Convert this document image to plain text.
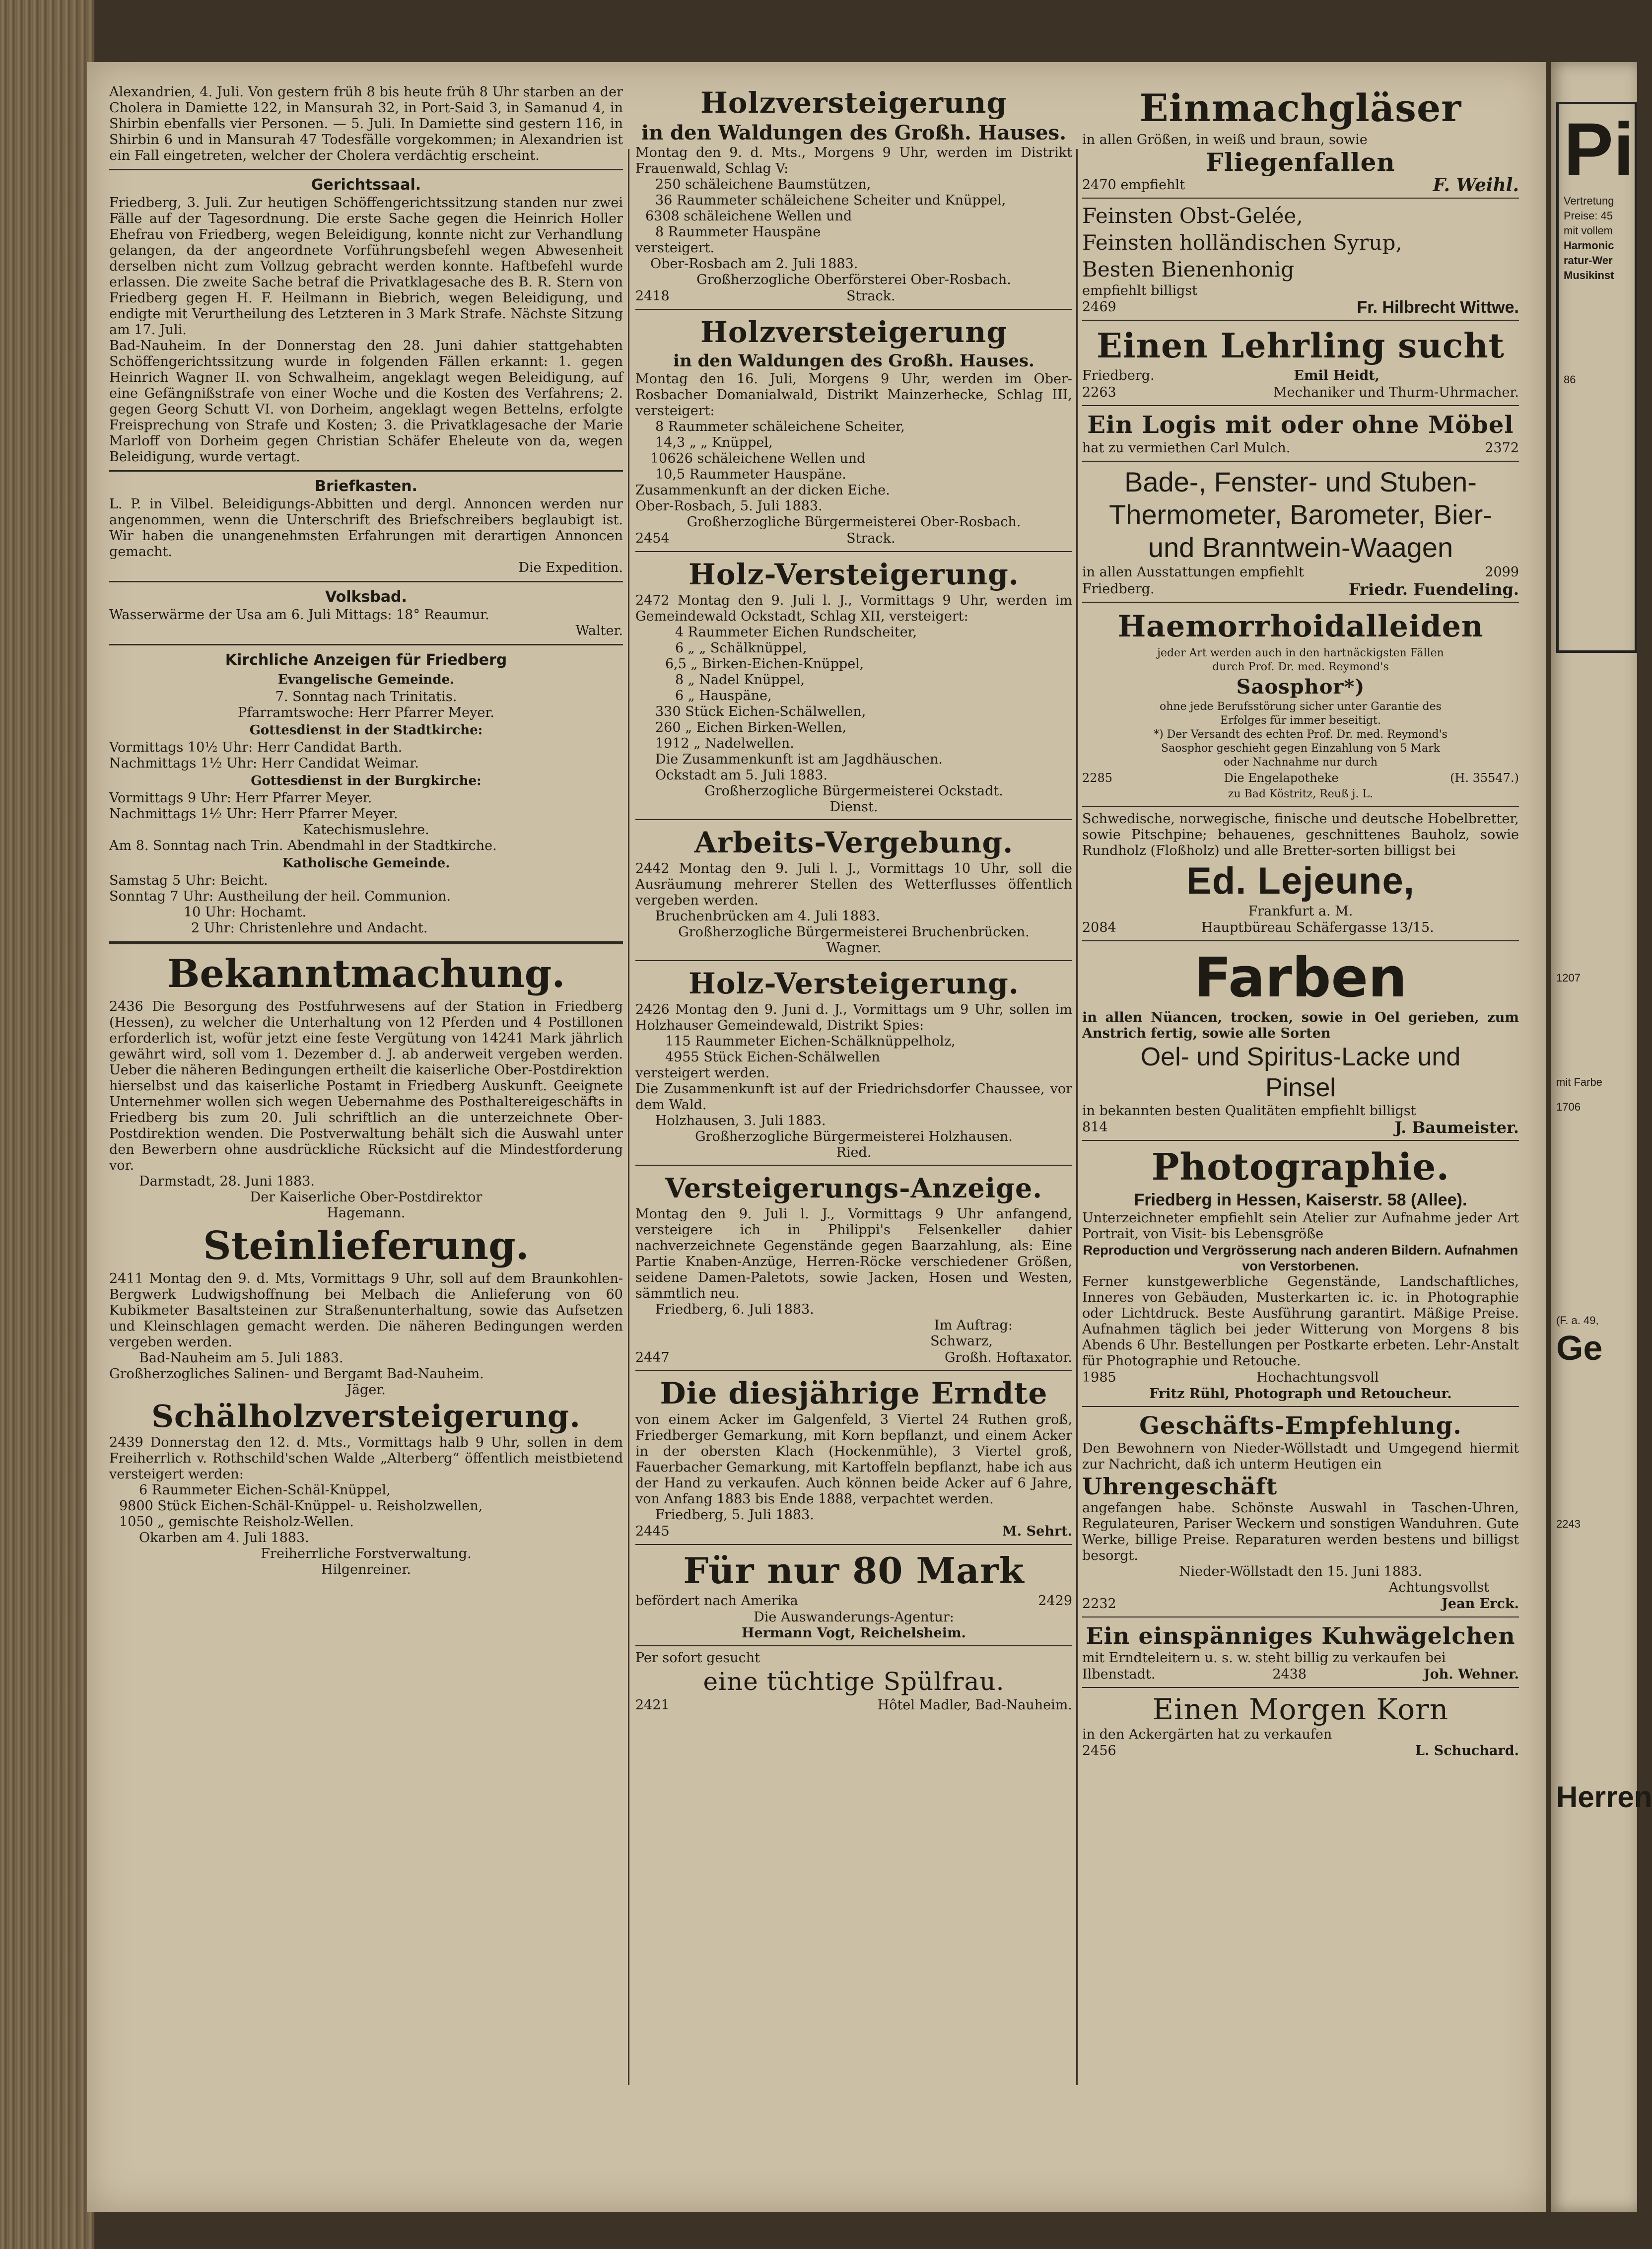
Pi
Vertretung
Preise: 45
mit vollem
Harmonic
ratur-Wer
Musikinst
86
1207
mit Farbe
1706
(F. a. 49,
Ge
2243
Herren

Alexandrien, 4. Juli. Von gestern früh 8 bis heute früh 8 Uhr starben an der Cholera in Damiette 122, in Mansurah 32, in Port-Said 3, in Samanud 4, in Shirbin ebenfalls vier Personen. — 5. Juli. In Damiette sind gestern 116, in Shirbin 6 und in Mansurah 47 Todesfälle vorgekommen; in Alexandrien ist ein Fall eingetreten, welcher der Cholera verdächtig erscheint.

Gerichtssaal.

Friedberg, 3. Juli. Zur heutigen Schöffengerichtssitzung standen nur zwei Fälle auf der Tagesordnung. Die erste Sache gegen die Heinrich Holler Ehefrau von Friedberg, wegen Beleidigung, konnte nicht zur Verhandlung gelangen, da der angeordnete Vorführungsbefehl wegen Abwesenheit derselben nicht zum Vollzug gebracht werden konnte. Haftbefehl wurde erlassen. Die zweite Sache betraf die Privatklagesache des B. R. Stern von Friedberg gegen H. F. Heilmann in Biebrich, wegen Beleidigung, und endigte mit Verurtheilung des Letzteren in 3 Mark Strafe. Nächste Sitzung am 17. Juli.

Bad-Nauheim. In der Donnerstag den 28. Juni dahier stattgehabten Schöffengerichtssitzung wurde in folgenden Fällen erkannt: 1. gegen Heinrich Wagner II. von Schwalheim, angeklagt wegen Beleidigung, auf eine Gefängnißstrafe von einer Woche und die Kosten des Verfahrens; 2. gegen Georg Schutt VI. von Dorheim, angeklagt wegen Bettelns, erfolgte Freisprechung von Strafe und Kosten; 3. die Privatklagesache der Marie Marloff von Dorheim gegen Christian Schäfer Eheleute von da, wegen Beleidigung, wurde vertagt.

Briefkasten.

L. P. in Vilbel. Beleidigungs-Abbitten und dergl. Annoncen werden nur angenommen, wenn die Unterschrift des Briefschreibers beglaubigt ist. Wir haben die unangenehmsten Erfahrungen mit derartigen Annoncen gemacht.

Die Expedition.

Volksbad.

Wasserwärme der Usa am 6. Juli Mittags: 18° Reaumur.

Walter.

Kirchliche Anzeigen für Friedberg
Evangelische Gemeinde.

7. Sonntag nach Trinitatis.

Pfarramtswoche: Herr Pfarrer Meyer.

Gottesdienst in der Stadtkirche:

Vormittags 10½ Uhr: Herr Candidat Barth.

Nachmittags 1½ Uhr: Herr Candidat Weimar.

Gottesdienst in der Burgkirche:

Vormittags 9 Uhr: Herr Pfarrer Meyer.

Nachmittags 1½ Uhr: Herr Pfarrer Meyer.

Katechismuslehre.

Am 8. Sonntag nach Trin. Abendmahl in der Stadtkirche.

Katholische Gemeinde.

Samstag 5 Uhr: Beicht.

Sonntag 7 Uhr: Austheilung der heil. Communion.

10 Uhr: Hochamt.

2 Uhr: Christenlehre und Andacht.

Bekanntmachung.

2436 Die Besorgung des Postfuhrwesens auf der Station in Friedberg (Hessen), zu welcher die Unterhaltung von 12 Pferden und 4 Postillonen erforderlich ist, wofür jetzt eine feste Vergütung von 14241 Mark jährlich gewährt wird, soll vom 1. Dezember d. J. ab anderweit vergeben werden. Ueber die näheren Bedingungen ertheilt die kaiserliche Ober-Postdirektion hierselbst und das kaiserliche Postamt in Friedberg Auskunft. Geeignete Unternehmer wollen sich wegen Uebernahme des Posthaltereigeschäfts in Friedberg bis zum 20. Juli schriftlich an die unterzeichnete Ober-Postdirektion wenden. Die Postverwaltung behält sich die Auswahl unter den Bewerbern ohne ausdrückliche Rücksicht auf die Mindestforderung vor.

Darmstadt, 28. Juni 1883.

Der Kaiserliche Ober-Postdirektor

Hagemann.

Steinlieferung.

2411 Montag den 9. d. Mts, Vormittags 9 Uhr, soll auf dem Braunkohlen-Bergwerk Ludwigshoffnung bei Melbach die Anlieferung von 60 Kubikmeter Basaltsteinen zur Straßenunterhaltung, sowie das Aufsetzen und Kleinschlagen gemacht werden. Die näheren Bedingungen werden vergeben werden.

Bad-Nauheim am 5. Juli 1883.

Großherzogliches Salinen- und Bergamt Bad-Nauheim.

Jäger.

Schälholzversteigerung.

2439 Donnerstag den 12. d. Mts., Vormittags halb 9 Uhr, sollen in dem Freiherrlich v. Rothschild'schen Walde „Alterberg“ öffentlich meistbietend versteigert werden:

6 Raummeter Eichen-Schäl-Knüppel,

9800 Stück Eichen-Schäl-Knüppel- u. Reisholzwellen,

1050 „ gemischte Reisholz-Wellen.

Okarben am 4. Juli 1883.

Freiherrliche Forstverwaltung.

Hilgenreiner.

Holzversteigerung
in den Waldungen des Großh. Hauses.

Montag den 9. d. Mts., Morgens 9 Uhr, werden im Distrikt Frauenwald, Schlag V:

250 schäleichene Baumstützen,

36 Raummeter schäleichene Scheiter und Knüppel,

6308 schäleichene Wellen und

8 Raummeter Hauspäne

versteigert.

Ober-Rosbach am 2. Juli 1883.

Großherzogliche Oberförsterei Ober-Rosbach.

2418	Strack.
Holzversteigerung
in den Waldungen des Großh. Hauses.

Montag den 16. Juli, Morgens 9 Uhr, werden im Ober-Rosbacher Domanialwald, Distrikt Mainzerhecke, Schlag III, versteigert:

8 Raummeter schäleichene Scheiter,

14,3 „ „ Knüppel,

10626 schäleichene Wellen und

10,5 Raummeter Hauspäne.

Zusammenkunft an der dicken Eiche.

Ober-Rosbach, 5. Juli 1883.

Großherzogliche Bürgermeisterei Ober-Rosbach.

2454	Strack.
Holz-Versteigerung.

2472 Montag den 9. Juli l. J., Vormittags 9 Uhr, werden im Gemeindewald Ockstadt, Schlag XII, versteigert:

4 Raummeter Eichen Rundscheiter,

6 „ „ Schälknüppel,

6,5 „ Birken-Eichen-Knüppel,

8 „ Nadel Knüppel,

6 „ Hauspäne,

330 Stück Eichen-Schälwellen,

260 „ Eichen Birken-Wellen,

1912 „ Nadelwellen.

Die Zusammenkunft ist am Jagdhäuschen.

Ockstadt am 5. Juli 1883.

Großherzogliche Bürgermeisterei Ockstadt.

Dienst.

Arbeits-Vergebung.

2442 Montag den 9. Juli l. J., Vormittags 10 Uhr, soll die Ausräumung mehrerer Stellen des Wetterflusses öffentlich vergeben werden.

Bruchenbrücken am 4. Juli 1883.

Großherzogliche Bürgermeisterei Bruchenbrücken.

Wagner.

Holz-Versteigerung.

2426 Montag den 9. Juni d. J., Vormittags um 9 Uhr, sollen im Holzhauser Gemeindewald, Distrikt Spies:

115 Raummeter Eichen-Schälknüppelholz,

4955 Stück Eichen-Schälwellen

versteigert werden.

Die Zusammenkunft ist auf der Friedrichsdorfer Chaussee, vor dem Wald.

Holzhausen, 3. Juli 1883.

Großherzogliche Bürgermeisterei Holzhausen.

Ried.

Versteigerungs-Anzeige.

Montag den 9. Juli l. J., Vormittags 9 Uhr anfangend, versteigere ich in Philippi's Felsenkeller dahier nachverzeichnete Gegenstände gegen Baarzahlung, als: Eine Partie Knaben-Anzüge, Herren-Röcke verschiedener Größen, seidene Damen-Paletots, sowie Jacken, Hosen und Westen, sämmtlich neu.

Friedberg, 6. Juli 1883.

Im Auftrag:

Schwarz,

2447	Großh. Hoftaxator.
Die diesjährige Erndte

von einem Acker im Galgenfeld, 3 Viertel 24 Ruthen groß, Friedberger Gemarkung, mit Korn bepflanzt, und einem Acker in der obersten Klach (Hockenmühle), 3 Viertel groß, Fauerbacher Gemarkung, mit Kartoffeln bepflanzt, habe ich aus der Hand zu verkaufen. Auch können beide Acker auf 6 Jahre, von Anfang 1883 bis Ende 1888, verpachtet werden.

Friedberg, 5. Juli 1883.

2445	M. Sehrt.
Für nur 80 Mark
befördert nach Amerika	2429

Die Auswanderungs-Agentur:

Hermann Vogt, Reichelsheim.

Per sofort gesucht

eine tüchtige Spülfrau.
2421	Hôtel Madler, Bad-Nauheim.
Einmachgläser

in allen Größen, in weiß und braun, sowie

Fliegenfallen
2470 empfiehlt	F. Weihl.

Feinsten Obst-Gelée,

Feinsten holländischen Syrup,

Besten Bienenhonig

empfiehlt billigst

2469	Fr. Hilbrecht Wittwe.
Einen Lehrling sucht
Friedberg.	Emil Heidt,
2263	Mechaniker und Thurm-Uhrmacher.
Ein Logis mit oder ohne Möbel
hat zu vermiethen Carl Mulch.	2372
Bade-, Fenster- und Stuben-
Thermometer, Barometer, Bier-
und Branntwein-Waagen
in allen Ausstattungen empfiehlt	2099
Friedberg.	Friedr. Fuendeling.
Haemorrhoidalleiden

jeder Art werden auch in den hartnäckigsten Fällen durch Prof. Dr. med. Reymond's

Saosphor*)

ohne jede Berufsstörung sicher unter Garantie des Erfolges für immer beseitigt.

*) Der Versandt des echten Prof. Dr. med. Reymond's Saosphor geschieht gegen Einzahlung von 5 Mark oder Nachnahme nur durch

2285	Die Engelapotheke	(H. 35547.)

zu Bad Köstritz, Reuß j. L.

Schwedische, norwegische, finische und deutsche Hobelbretter, sowie Pitschpine; behauenes, geschnittenes Bauholz, sowie Rundholz (Floßholz) und alle Bretter-sorten billigst bei

Ed. Lejeune,

Frankfurt a. M.

2084	Hauptbüreau Schäfergasse 13/15.
Farben

in allen Nüancen, trocken, sowie in Oel gerieben, zum Anstrich fertig, sowie alle Sorten

Oel- und Spiritus-Lacke und
Pinsel

in bekannten besten Qualitäten empfiehlt billigst

814	J. Baumeister.
Photographie.

Friedberg in Hessen, Kaiserstr. 58 (Allee).

Unterzeichneter empfiehlt sein Atelier zur Aufnahme jeder Art Portrait, von Visit- bis Lebensgröße

Reproduction und Vergrösserung nach anderen Bildern. Aufnahmen von Verstorbenen.

Ferner kunstgewerbliche Gegenstände, Landschaftliches, Inneres von Gebäuden, Musterkarten ic. ic. in Photographie oder Lichtdruck. Beste Ausführung garantirt. Mäßige Preise. Aufnahmen täglich bei jeder Witterung von Morgens 8 bis Abends 6 Uhr. Bestellungen per Postkarte erbeten. Lehr-Anstalt für Photographie und Retouche.

1985	Hochachtungsvoll

Fritz Rühl, Photograph und Retoucheur.

Geschäfts-Empfehlung.

Den Bewohnern von Nieder-Wöllstadt und Umgegend hiermit zur Nachricht, daß ich unterm Heutigen ein

Uhrengeschäft

angefangen habe. Schönste Auswahl in Taschen-Uhren, Regulateuren, Pariser Weckern und sonstigen Wanduhren. Gute Werke, billige Preise. Reparaturen werden bestens und billigst besorgt.

Nieder-Wöllstadt den 15. Juni 1883.

Achtungsvollst

2232	Jean Erck.
Ein einspänniges Kuhwägelchen

mit Erndteleitern u. s. w. steht billig zu verkaufen bei

Ilbenstadt.	2438	Joh. Wehner.
Einen Morgen Korn

in den Ackergärten hat zu verkaufen

2456	L. Schuchard.
